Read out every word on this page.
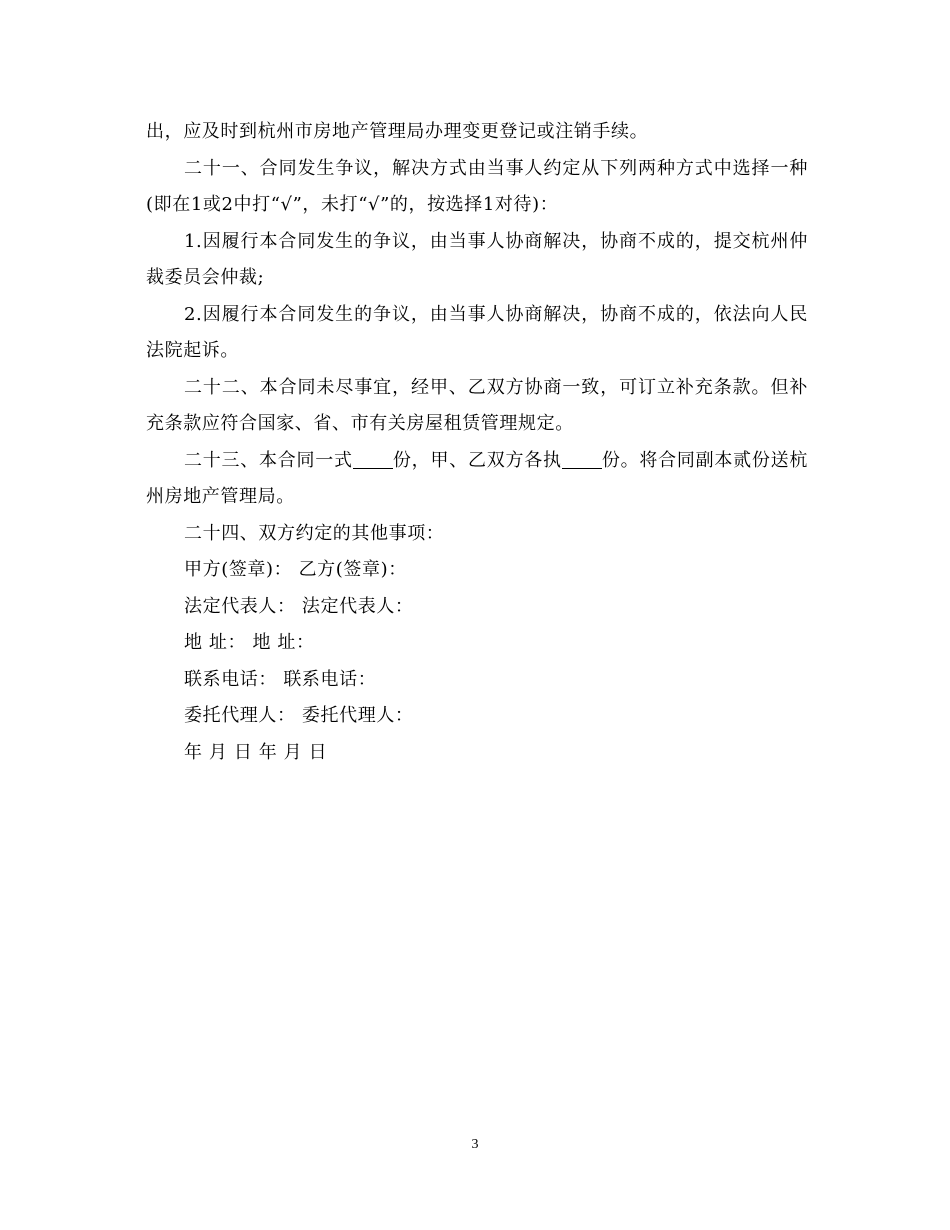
出，应及时到杭州市房地产管理局办理变更登记或注销手续。

二十一、合同发生争议，解决方式由当事人约定从下列两种方式中选择一种(即在1或2中打“√”，未打“√”的，按选择1对待)：

1.因履行本合同发生的争议，由当事人协商解决，协商不成的，提交杭州仲裁委员会仲裁;

2.因履行本合同发生的争议，由当事人协商解决，协商不成的，依法向人民法院起诉。

二十二、本合同未尽事宜，经甲、乙双方协商一致，可订立补充条款。但补充条款应符合国家、省、市有关房屋租赁管理规定。

二十三、本合同一式 份，甲、乙双方各执 份。将合同副本贰份送杭州房地产管理局。

二十四、双方约定的其他事项：

甲方(签章)： 乙方(签章)：

法定代表人： 法定代表人：

地 址： 地 址：

联系电话： 联系电话：

委托代理人： 委托代理人：

年 月 日 年 月 日

3
